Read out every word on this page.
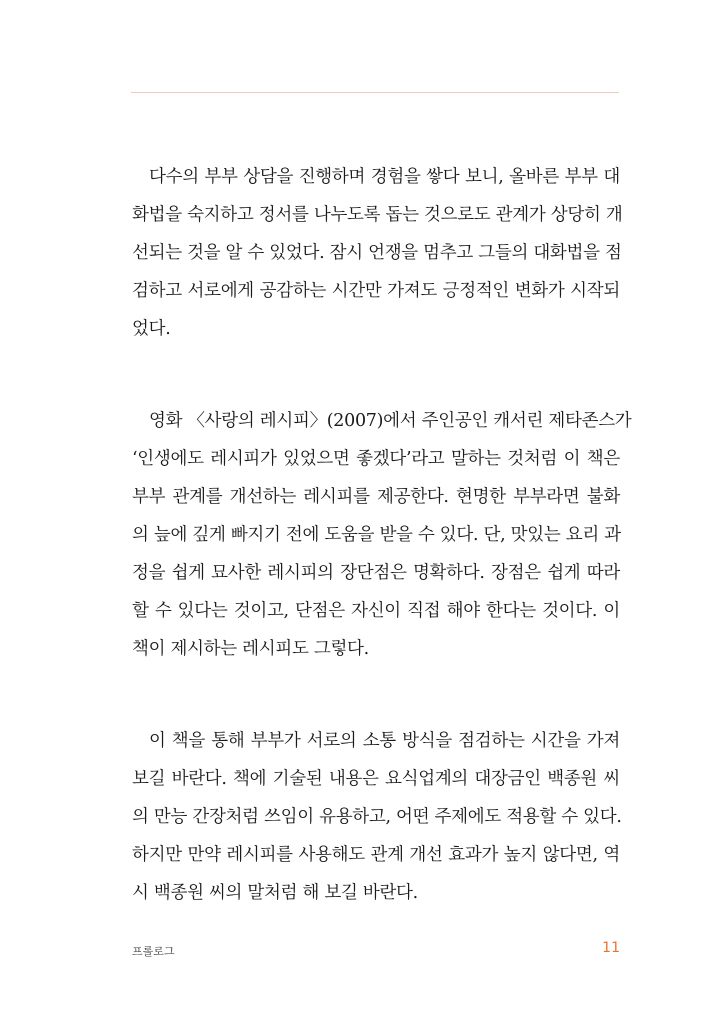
다수의 부부 상담을 진행하며 경험을 쌓다 보니, 올바른 부부 대
화법을 숙지하고 정서를 나누도록 돕는 것으로도 관계가 상당히 개
선되는 것을 알 수 있었다. 잠시 언쟁을 멈추고 그들의 대화법을 점
검하고 서로에게 공감하는 시간만 가져도 긍정적인 변화가 시작되
었다.
영화 〈사랑의 레시피〉(2007)에서 주인공인 캐서린 제타존스가
‘인생에도 레시피가 있었으면 좋겠다’라고 말하는 것처럼 이 책은
부부 관계를 개선하는 레시피를 제공한다. 현명한 부부라면 불화
의 늪에 깊게 빠지기 전에 도움을 받을 수 있다. 단, 맛있는 요리 과
정을 쉽게 묘사한 레시피의 장단점은 명확하다. 장점은 쉽게 따라
할 수 있다는 것이고, 단점은 자신이 직접 해야 한다는 것이다. 이
책이 제시하는 레시피도 그렇다.
이 책을 통해 부부가 서로의 소통 방식을 점검하는 시간을 가져
보길 바란다. 책에 기술된 내용은 요식업계의 대장금인 백종원 씨
의 만능 간장처럼 쓰임이 유용하고, 어떤 주제에도 적용할 수 있다.
하지만 만약 레시피를 사용해도 관계 개선 효과가 높지 않다면, 역
시 백종원 씨의 말처럼 해 보길 바란다.
프롤로그	11
